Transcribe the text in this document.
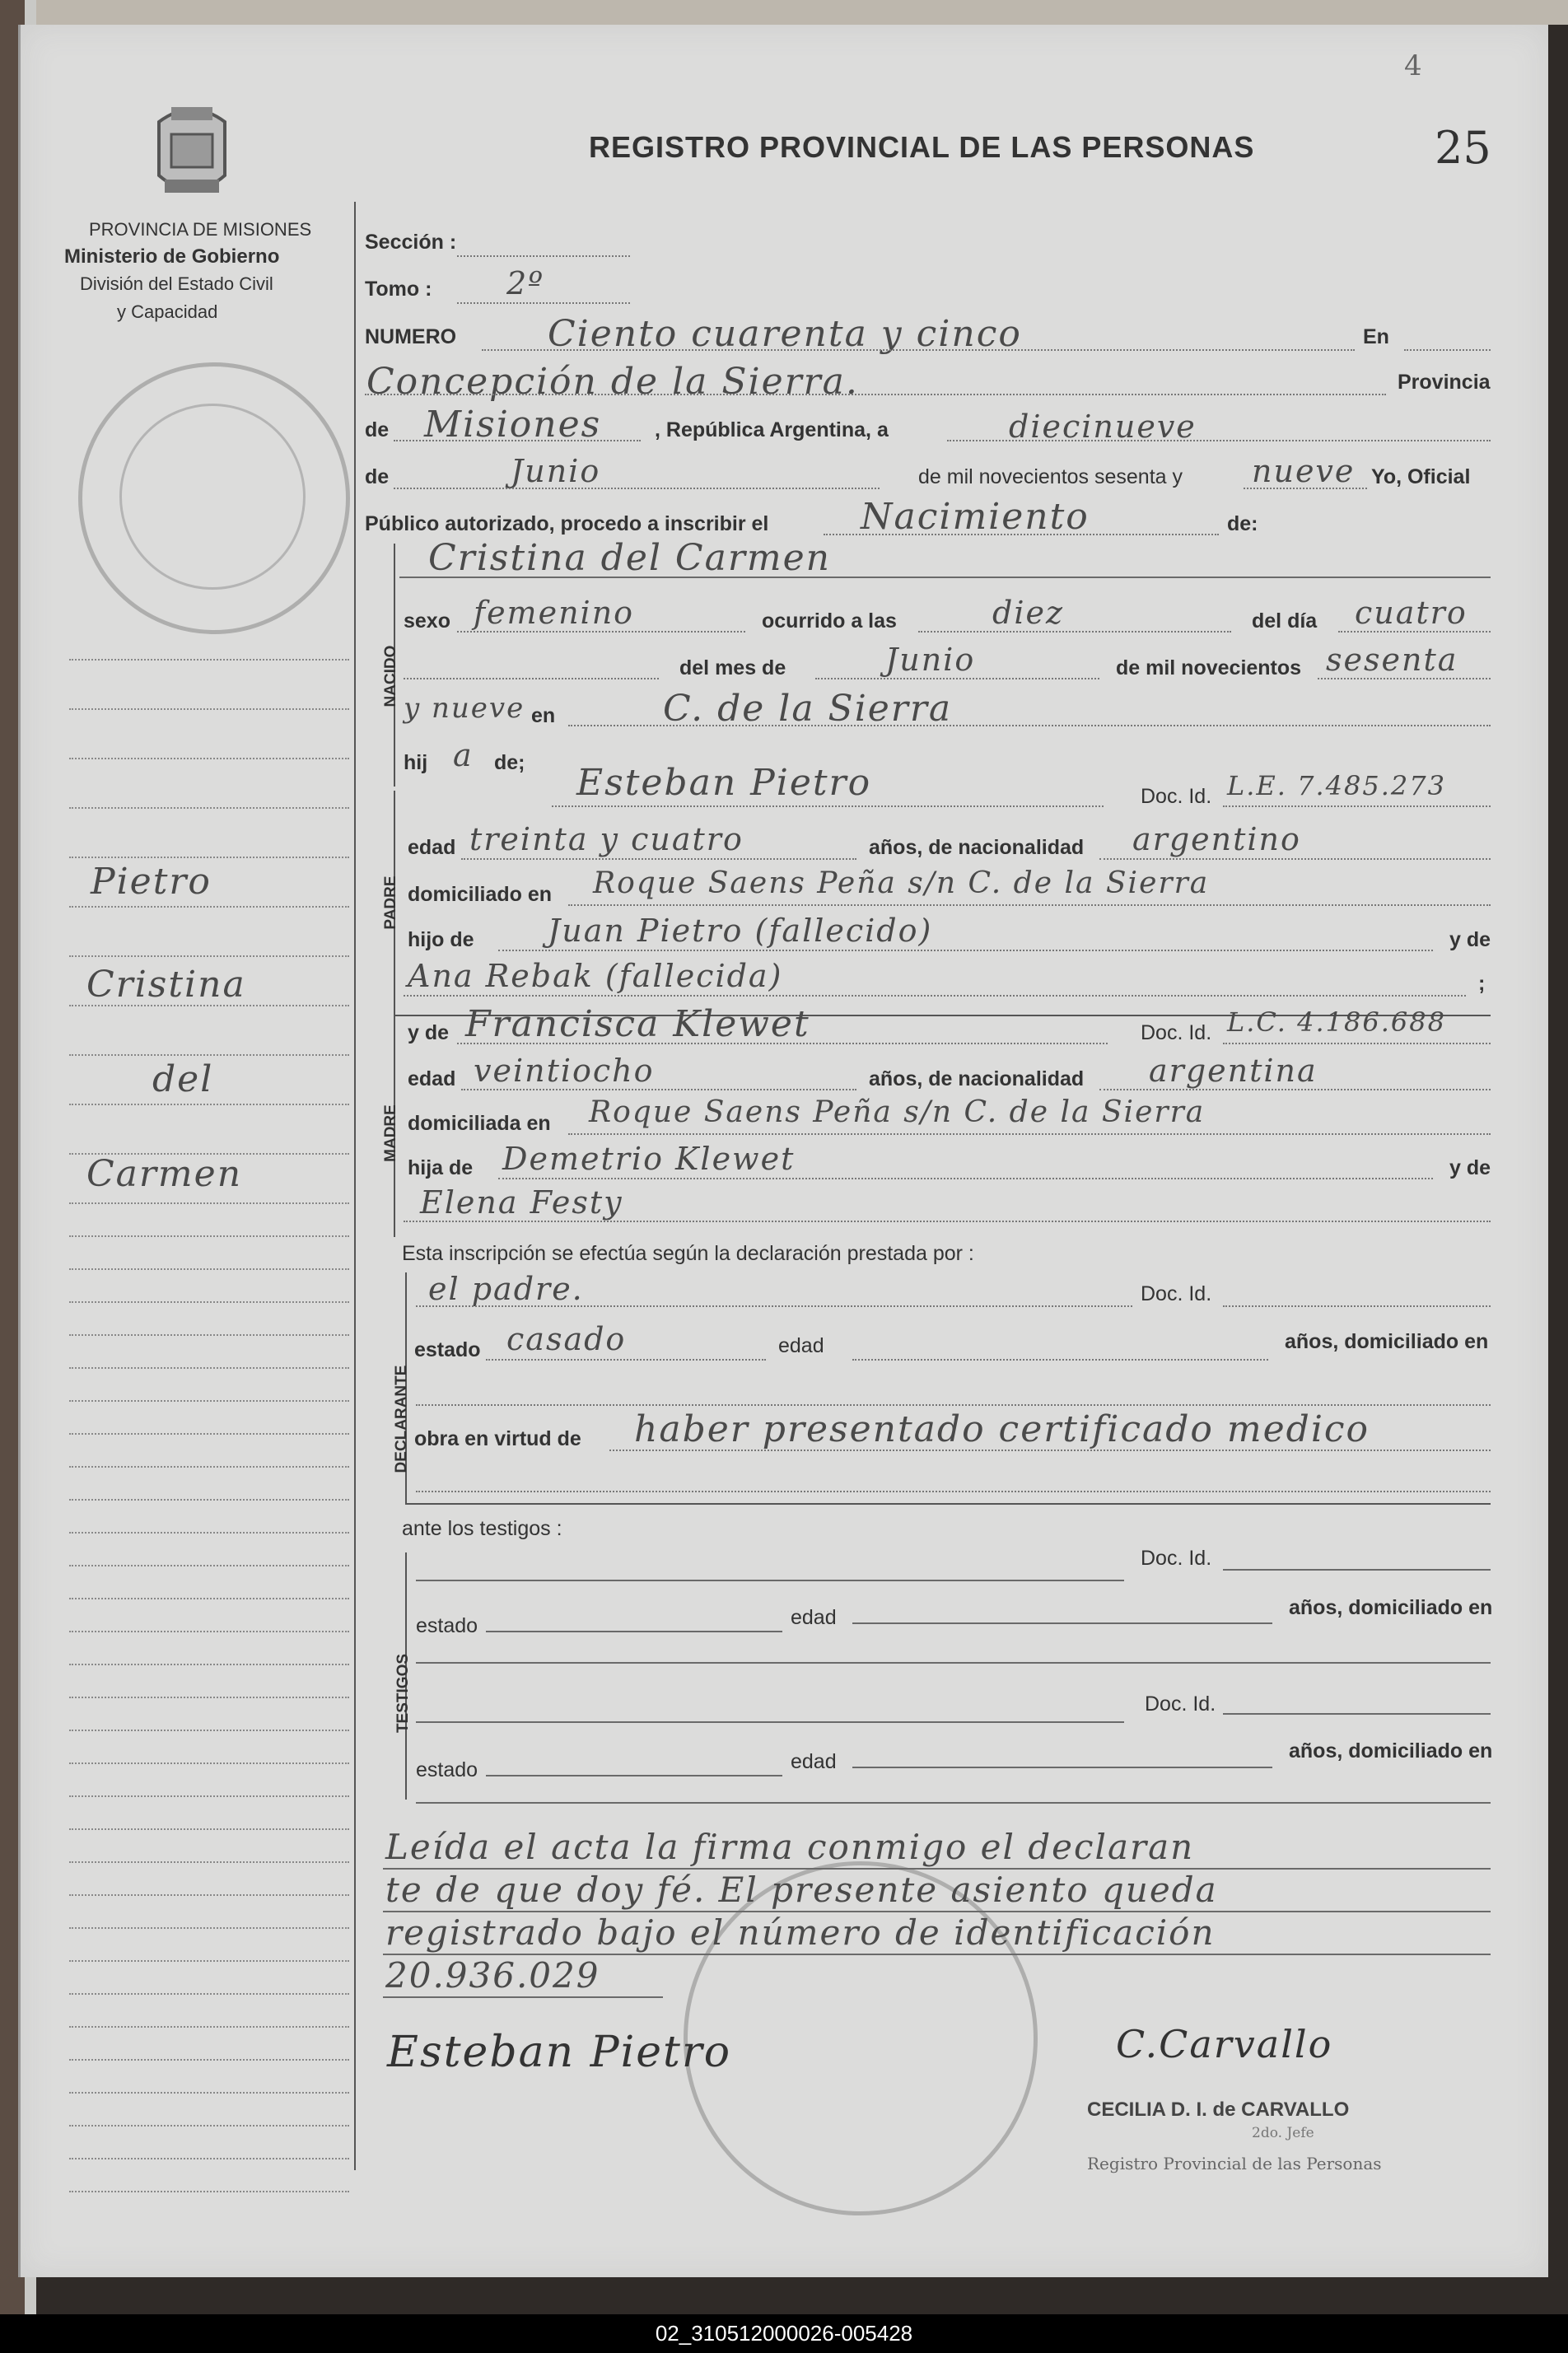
PROVINCIA DE MISIONES
Ministerio de Gobierno
División del Estado Civil
y Capacidad
Pietro
Cristina
del
Carmen
REGISTRO PROVINCIAL DE LAS PERSONAS	25
4
Sección :
Tomo : 2º
NUMERO	Ciento cuarenta y cinco	En
Concepción de la Sierra.	Provincia
de Misiones	, República Argentina, a	diecinueve
de	Junio	de mil novecientos sesenta y nueve Yo, Oficial
Público autorizado, procedo a inscribir el	Nacimiento	de:
NACIDO
Cristina del Carmen
sexo femenino	ocurrido a las	diez	del día cuatro
del mes de	Junio	de mil novecientos sesenta
y nueve en	C. de la Sierra
hij a de;
PADRE
Esteban Pietro	Doc. Id. L.E. 7.485.273
edad treinta y cuatro	años, de nacionalidad argentino
domiciliado en Roque Saens Peña s/n C. de la Sierra
hijo de Juan Pietro (fallecido)	y de
Ana Rebak (fallecida)	;
MADRE
y de Francisca Klewet	Doc. Id. L.C. 4.186.688
edad veintiocho	años, de nacionalidad argentina
domiciliada en Roque Saens Peña s/n C. de la Sierra
hija de Demetrio Klewet	y de
Elena Festy
Esta inscripción se efectúa según la declaración prestada por :
DECLARANTE
el padre.	Doc. Id.
estado casado	edad	años, domiciliado en
obra en virtud de haber presentado certificado medico
ante los testigos :
TESTIGOS
Doc. Id.
estado	edad	años, domiciliado en
Doc. Id.
estado	edad	años, domiciliado en
Leída el acta la firma conmigo el declaran
te de que doy fé. El presente asiento queda
registrado bajo el número de identificación
20.936.029
Esteban Pietro	C.Carvallo
CECILIA D. I. de CARVALLO
2do. Jefe
Registro Provincial de las Personas
02_310512000026-005428
